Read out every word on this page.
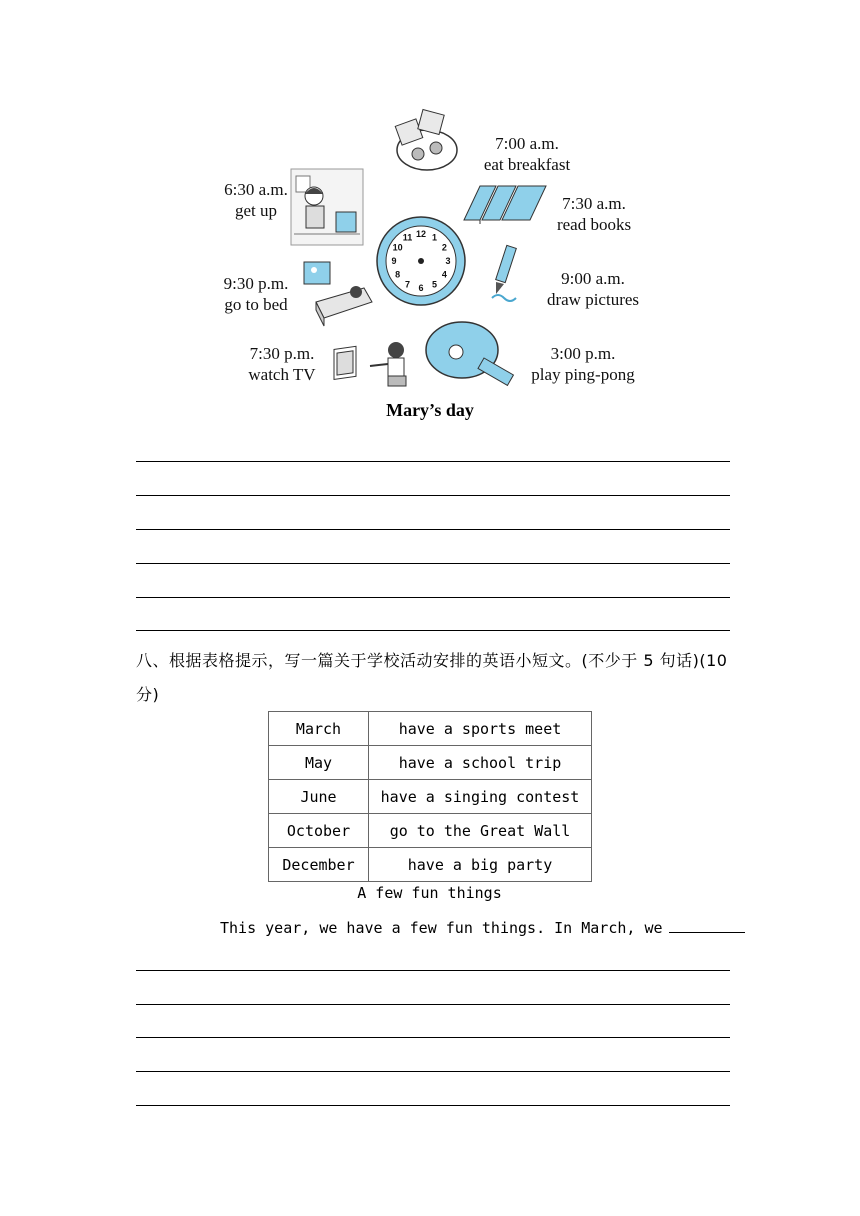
12 1
2
3
4
5
6
7
8
9
10
11
7:00 a.m.
eat breakfast
7:30 a.m.
read books
9:00 a.m.
draw pictures
3:00 p.m.
play ping-pong
7:30 p.m.
watch TV
9:30 p.m.
go to bed
6:30 a.m.
get up
Mary’s day
八、根据表格提示，写一篇关于学校活动安排的英语小短文。(不少于 5 句话)(10 分)
March	have a sports meet
May	have a school trip
June	have a singing contest
October	go to the Great Wall
December	have a big party
A few fun things
This year, we have a few fun things. In March, we
